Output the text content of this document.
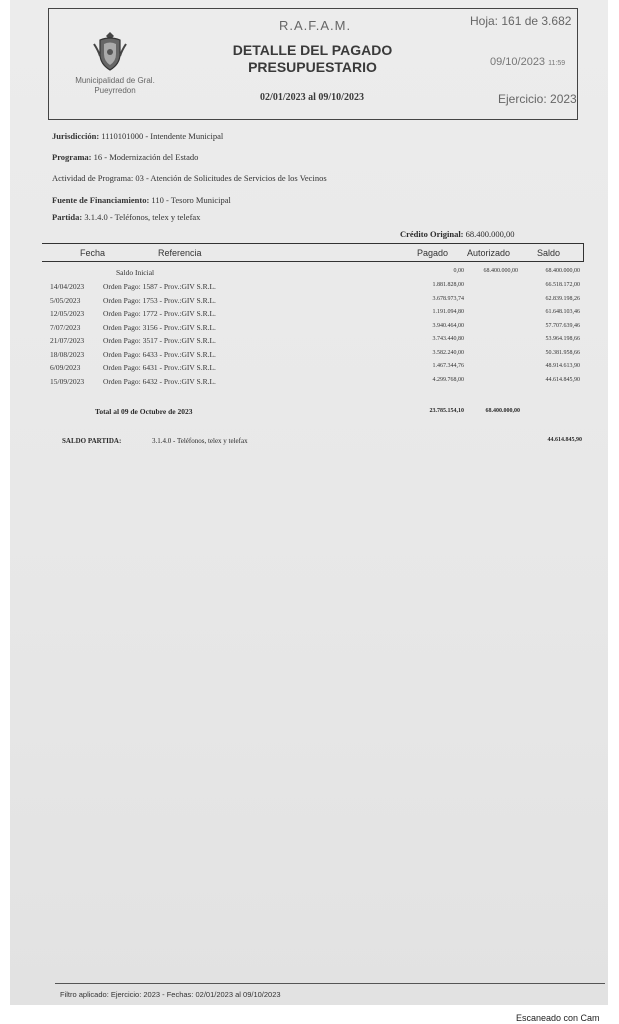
Municipalidad de Gral. Pueyrredon
R.A.F.A.M.
DETALLE DEL PAGADO
PRESUPUESTARIO
02/01/2023 al 09/10/2023
Hoja: 161 de 3.682
09/10/2023 11:59
Ejercicio: 2023
Jurisdicción: 1110101000 - Intendente Municipal
Programa: 16 - Modernización del Estado
Actividad de Programa: 03 - Atención de Solicitudes de Servicios de los Vecinos
Fuente de Financiamiento: 110 - Tesoro Municipal
Partida: 3.1.4.0 - Teléfonos, telex y telefax
Crédito Original: 68.400.000,00
Fecha	Referencia	Pagado Autorizado	Saldo
Saldo Inicial	0,00	68.400.000,00	68.400.000,00
14/04/2023	Orden Pago: 1587 - Prov.:GIV S.R.L.	1.881.828,00	66.518.172,00
5/05/2023	Orden Pago: 1753 - Prov.:GIV S.R.L.	3.678.973,74	62.839.198,26
12/05/2023	Orden Pago: 1772 - Prov.:GIV S.R.L.	1.191.094,80	61.648.103,46
7/07/2023	Orden Pago: 3156 - Prov.:GIV S.R.L.	3.940.464,00	57.707.639,46
21/07/2023	Orden Pago: 3517 - Prov.:GIV S.R.L.	3.743.440,80	53.964.198,66
18/08/2023	Orden Pago: 6433 - Prov.:GIV S.R.L.	3.582.240,00	50.381.958,66
6/09/2023	Orden Pago: 6431 - Prov.:GIV S.R.L.	1.467.344,76	48.914.613,90
15/09/2023	Orden Pago: 6432 - Prov.:GIV S.R.L.	4.299.768,00	44.614.845,90
Total al 09 de Octubre de 2023	23.785.154,10	68.400.000,00
SALDO PARTIDA:	3.1.4.0 - Teléfonos, telex y telefax	44.614.845,90
Filtro aplicado: Ejercicio: 2023 - Fechas: 02/01/2023 al 09/10/2023
Escaneado con Cam
